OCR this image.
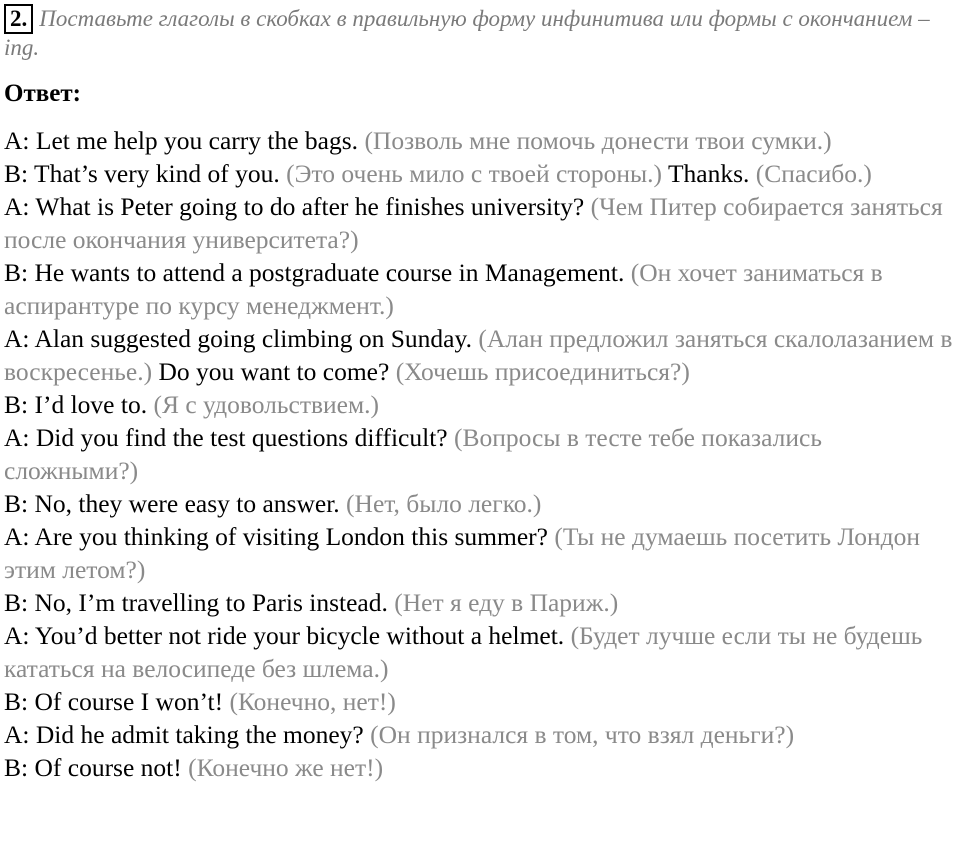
2. Поставьте глаголы в скобках в правильную форму инфинитива или формы с окончанием –ing.
Ответ:

A: Let me help you carry the bags. (Позволь мне помочь донести твои сумки.)

B: That’s very kind of you. (Это очень мило с твоей стороны.) Thanks. (Спасибо.)

A: What is Peter going to do after he finishes university? (Чем Питер собирается заняться после окончания университета?)

B: He wants to attend a postgraduate course in Management. (Он хочет заниматься в аспирантуре по курсу менеджмент.)

A: Alan suggested going climbing on Sunday. (Алан предложил заняться скалолазанием в воскресенье.) Do you want to come? (Хочешь присоединиться?)

B: I’d love to. (Я с удовольствием.)

A: Did you find the test questions difficult? (Вопросы в тесте тебе показались сложными?)

B: No, they were easy to answer. (Нет, было легко.)

A: Are you thinking of visiting London this summer? (Ты не думаешь посетить Лондон этим летом?)

B: No, I’m travelling to Paris instead. (Нет я еду в Париж.)

A: You’d better not ride your bicycle without a helmet. (Будет лучше если ты не будешь кататься на велосипеде без шлема.)

B: Of course I won’t! (Конечно, нет!)

A: Did he admit taking the money? (Он признался в том, что взял деньги?)

B: Of course not! (Конечно же нет!)
